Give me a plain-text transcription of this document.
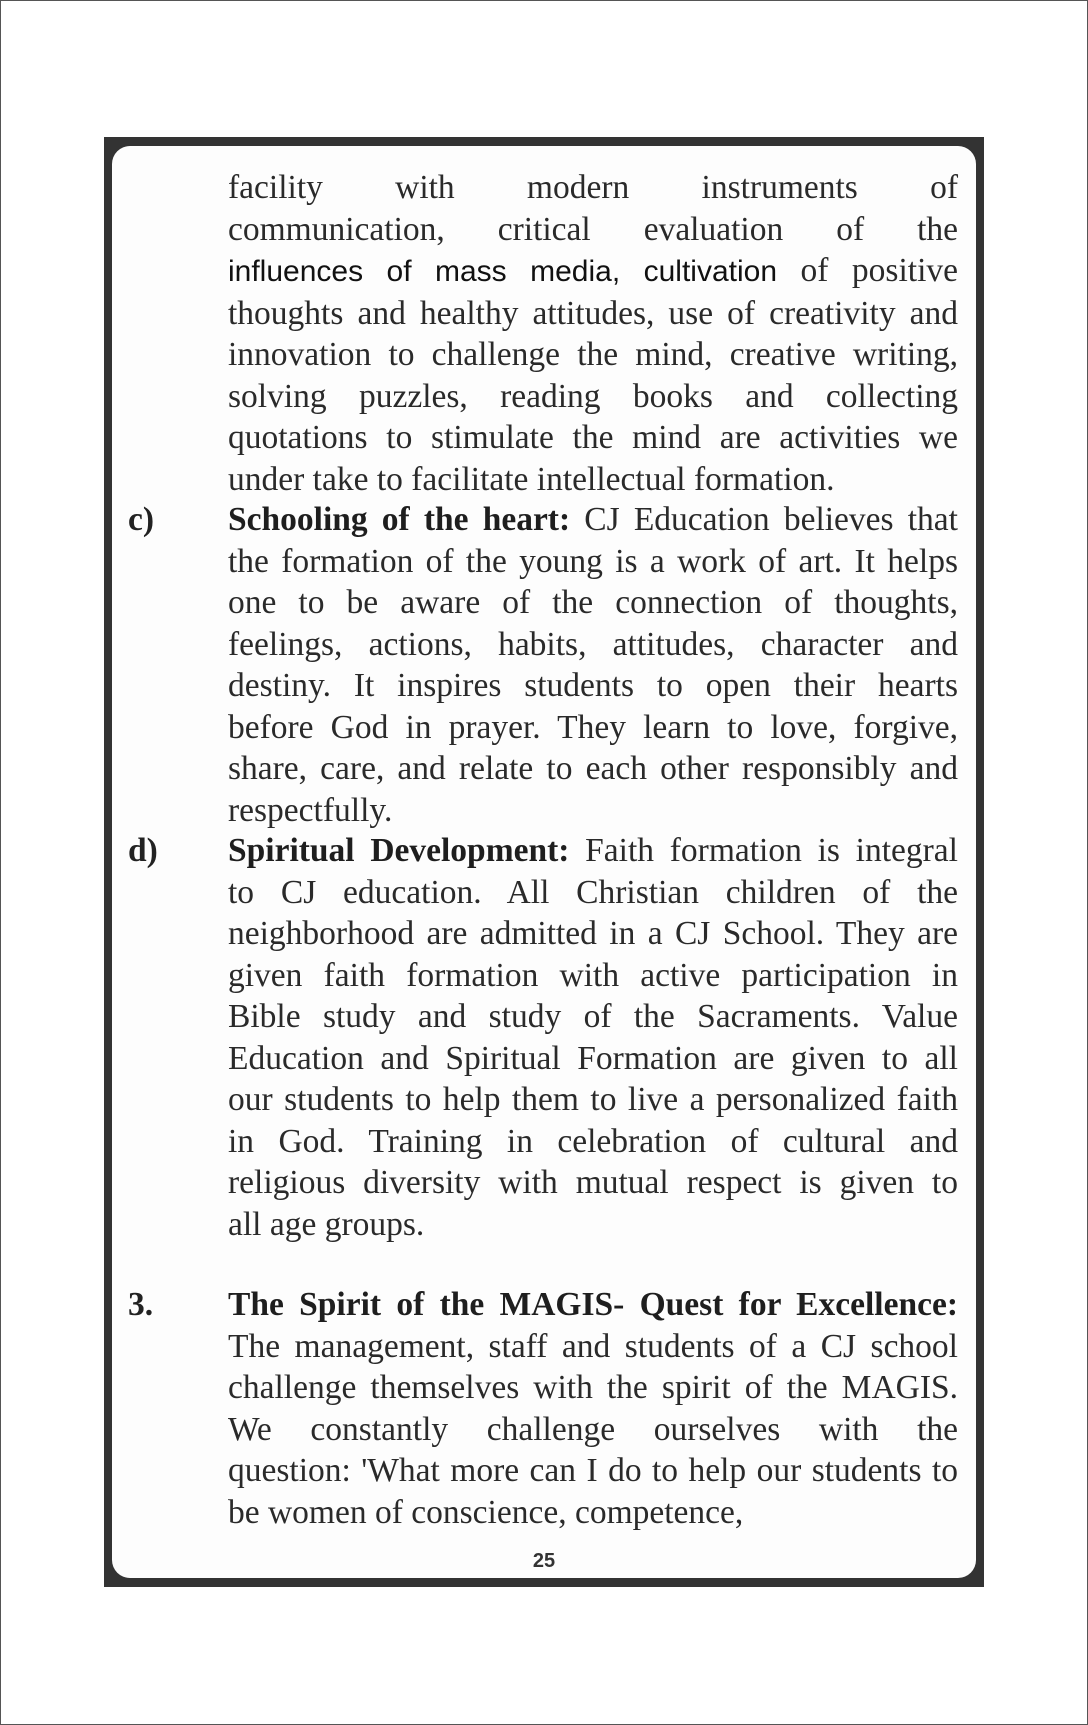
facility with modern instruments of
communication, critical evaluation of the
influences of mass media, cultivation of positive
thoughts and healthy attitudes, use of creativity and
innovation to challenge the mind, creative writing,
solving puzzles, reading books and collecting
quotations to stimulate the mind are activities we

under take to facilitate intellectual formation.
c) Schooling of the heart: CJ Education believes that
the formation of the young is a work of art. It helps
one to be aware of the connection of thoughts,
feelings, actions, habits, attitudes, character and
destiny. It inspires students to open their hearts
before God in prayer. They learn to love, forgive,
share, care, and relate to each other responsibly and

respectfully.
d) Spiritual Development: Faith formation is integral
to CJ education. All Christian children of the
neighborhood are admitted in a CJ School. They are
given faith formation with active participation in
Bible study and study of the Sacraments. Value
Education and Spiritual Formation are given to all
our students to help them to live a personalized faith
in God. Training in celebration of cultural and
religious diversity with mutual respect is given to

all age groups.
3. The Spirit of the MAGIS- Quest for Excellence:
The management, staff and students of a CJ school
challenge themselves with the spirit of the MAGIS.
We constantly challenge ourselves with the
question: 'What more can I do to help our students to

be women of conscience, competence,
25
